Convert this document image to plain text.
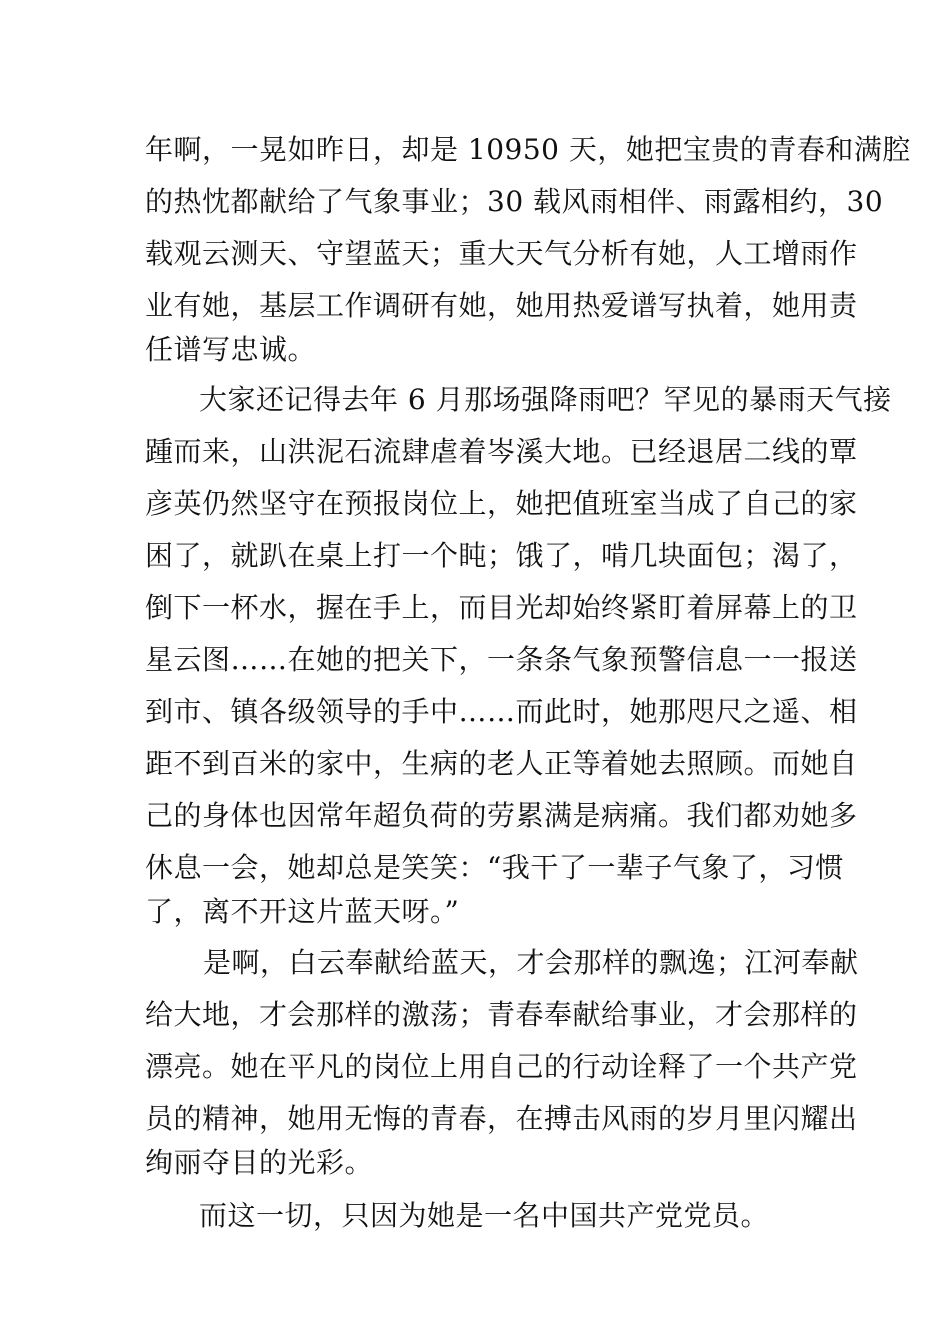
年啊，一晃如昨日，却是 10950 天，她把宝贵的青春和满腔
的热忱都献给了气象事业；30 载风雨相伴、雨露相约，30
载观云测天、守望蓝天；重大天气分析有她，人工增雨作
业有她，基层工作调研有她，她用热爱谱写执着，她用责
任谱写忠诚。
大家还记得去年 6 月那场强降雨吧？罕见的暴雨天气接
踵而来，山洪泥石流肆虐着岑溪大地。已经退居二线的覃
彦英仍然坚守在预报岗位上，她把值班室当成了自己的家
困了，就趴在桌上打一个盹；饿了，啃几块面包；渴了，
倒下一杯水，握在手上，而目光却始终紧盯着屏幕上的卫
星云图……在她的把关下，一条条气象预警信息一一报送
到市、镇各级领导的手中……而此时，她那咫尺之遥、相
距不到百米的家中，生病的老人正等着她去照顾。而她自
己的身体也因常年超负荷的劳累满是病痛。我们都劝她多
休息一会，她却总是笑笑：“我干了一辈子气象了，习惯
了，离不开这片蓝天呀。”
是啊，白云奉献给蓝天，才会那样的飘逸；江河奉献
给大地，才会那样的激荡；青春奉献给事业，才会那样的
漂亮。她在平凡的岗位上用自己的行动诠释了一个共产党
员的精神，她用无悔的青春，在搏击风雨的岁月里闪耀出
绚丽夺目的光彩。
而这一切，只因为她是一名中国共产党党员。
